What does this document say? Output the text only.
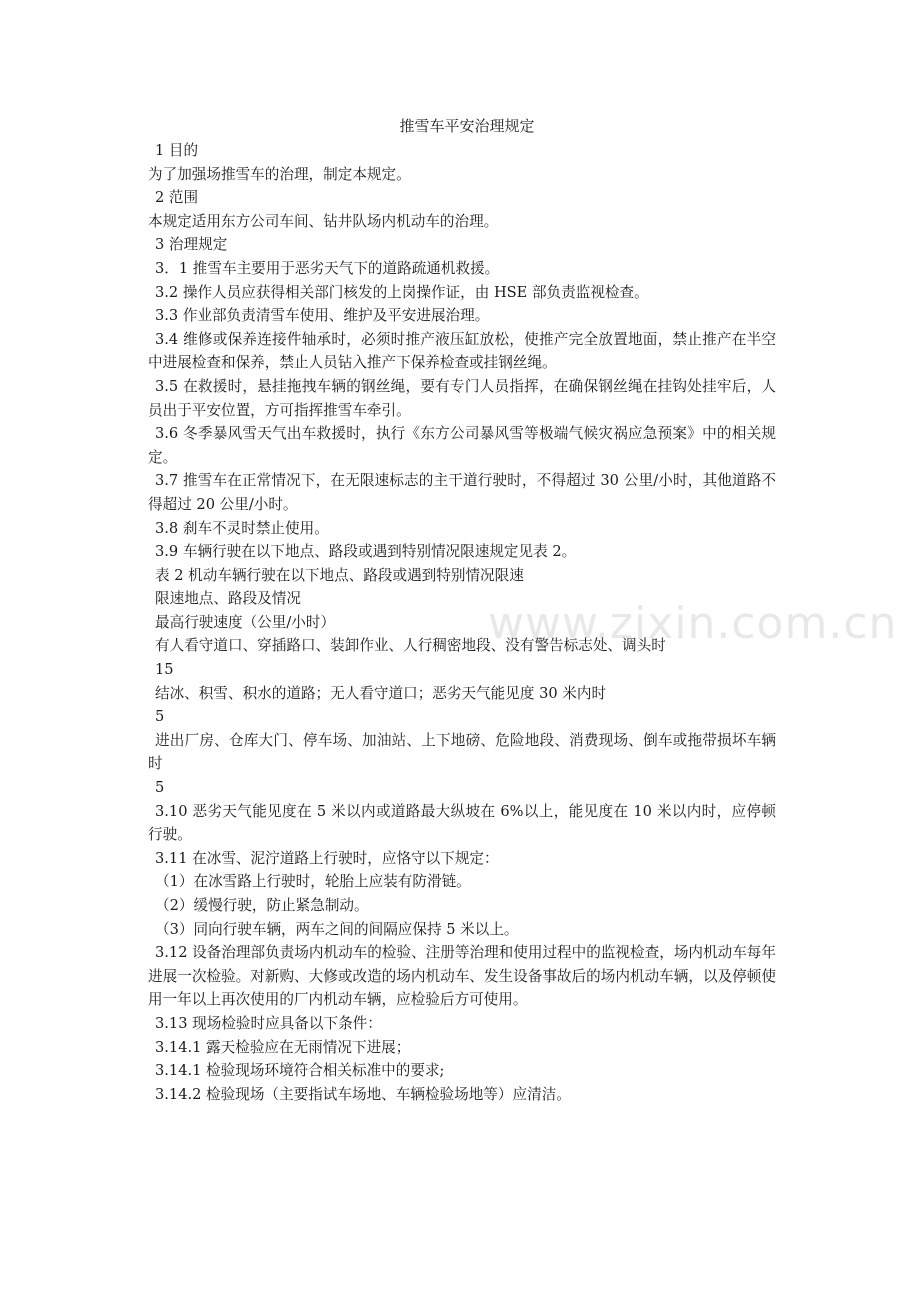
www.zixin.com.cn
推雪车平安治理规定

1 目的

为了加强场推雪车的治理，制定本规定。

2 范围

本规定适用东方公司车间、钻井队场内机动车的治理。

3 治理规定

3．1 推雪车主要用于恶劣天气下的道路疏通机救援。

3.2 操作人员应获得相关部门核发的上岗操作证，由 HSE 部负责监视检查。

3.3 作业部负责清雪车使用、维护及平安进展治理。

3.4 维修或保养连接件轴承时，必须时推产液压缸放松，使推产完全放置地面，禁止推产在半空中进展检查和保养，禁止人员钻入推产下保养检查或挂钢丝绳。

3.5 在救援时，悬挂拖拽车辆的钢丝绳，要有专门人员指挥，在确保钢丝绳在挂钩处挂牢后，人员出于平安位置，方可指挥推雪车牵引。

3.6 冬季暴风雪天气出车救援时，执行《东方公司暴风雪等极端气候灾祸应急预案》中的相关规定。

3.7 推雪车在正常情况下，在无限速标志的主干道行驶时，不得超过 30 公里/小时，其他道路不得超过 20 公里/小时。

3.8 刹车不灵时禁止使用。

3.9 车辆行驶在以下地点、路段或遇到特别情况限速规定见表 2。

表 2 机动车辆行驶在以下地点、路段或遇到特别情况限速

限速地点、路段及情况

最高行驶速度（公里/小时）

有人看守道口、穿插路口、装卸作业、人行稠密地段、没有警告标志处、调头时

15

结冰、积雪、积水的道路；无人看守道口；恶劣天气能见度 30 米内时

5

进出厂房、仓库大门、停车场、加油站、上下地磅、危险地段、消费现场、倒车或拖带损坏车辆时

5

3.10 恶劣天气能见度在 5 米以内或道路最大纵坡在 6%以上，能见度在 10 米以内时，应停顿行驶。

3.11 在冰雪、泥泞道路上行驶时，应恪守以下规定：

（1）在冰雪路上行驶时，轮胎上应装有防滑链。

（2）缓慢行驶，防止紧急制动。

（3）同向行驶车辆，两车之间的间隔应保持 5 米以上。

3.12 设备治理部负责场内机动车的检验、注册等治理和使用过程中的监视检查，场内机动车每年进展一次检验。对新购、大修或改造的场内机动车、发生设备事故后的场内机动车辆，以及停顿使用一年以上再次使用的厂内机动车辆，应检验后方可使用。

3.13 现场检验时应具备以下条件：

3.14.1 露天检验应在无雨情况下进展；

3.14.1 检验现场环境符合相关标准中的要求;

3.14.2 检验现场（主要指试车场地、车辆检验场地等）应清洁。
